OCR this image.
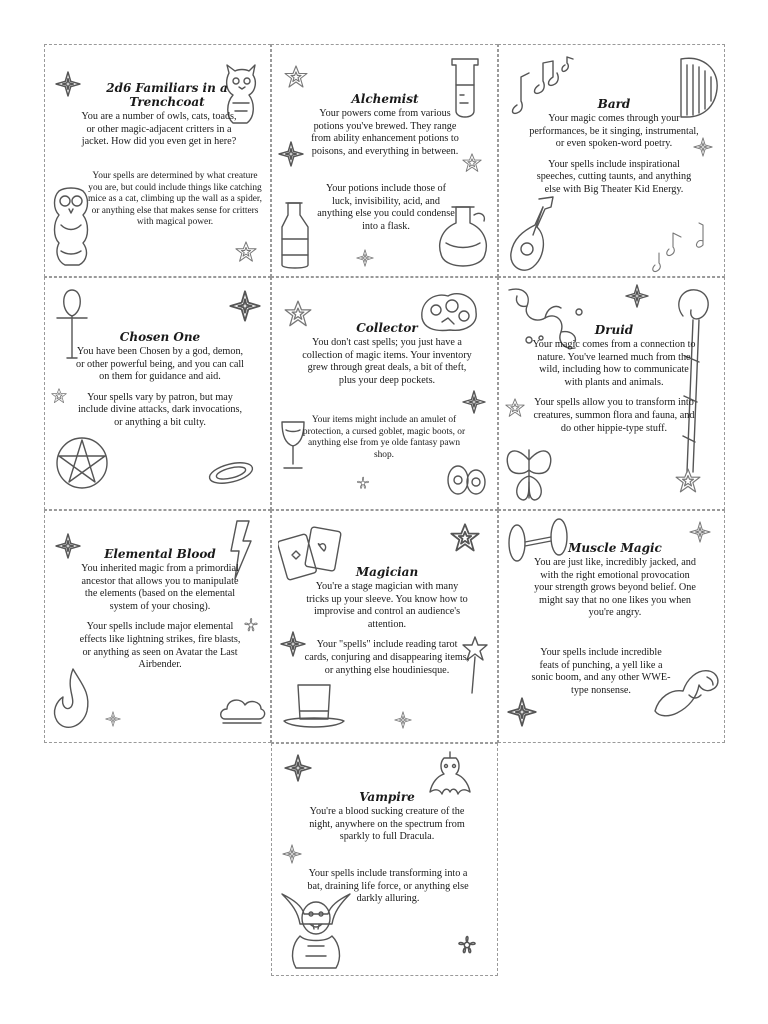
2d6 Familiars in a Trenchcoat

You are a number of owls, cats, toads, or other magic-adjacent critters in a jacket. How did you even get in here?

Your spells are determined by what creature you are, but could include things like catching mice as a cat, climbing up the wall as a spider, or anything else that makes sense for critters with magical power.

Alchemist

Your powers come from various potions you've brewed. They range from ability enhancement potions to poisons, and everything in between.

Your potions include those of luck, invisibility, acid, and anything else you could condense into a flask.

Bard

Your magic comes through your performances, be it singing, instrumental, or even spoken-word poetry.

Your spells include inspirational speeches, cutting taunts, and anything else with Big Theater Kid Energy.

Chosen One

You have been Chosen by a god, demon, or other powerful being, and you can call on them for guidance and aid.

Your spells vary by patron, but may include divine attacks, dark invocations, or anything a bit culty.

Collector

You don't cast spells; you just have a collection of magic items. Your inventory grew through great deals, a bit of theft, plus your deep pockets.

Your items might include an amulet of protection, a cursed goblet, magic boots, or anything else from ye olde fantasy pawn shop.

Druid

Your magic comes from a connection to nature. You've learned much from the wild, including how to communicate with plants and animals.

Your spells allow you to transform into creatures, summon flora and fauna, and do other hippie-type stuff.

Elemental Blood

You inherited magic from a primordial ancestor that allows you to manipulate the elements (based on the elemental system of your chosing).

Your spells include major elemental effects like lightning strikes, fire blasts, or anything as seen on Avatar the Last Airbender.

Magician

You're a stage magician with many tricks up your sleeve. You know how to improvise and control an audience's attention.

Your "spells" include reading tarot cards, conjuring and disappearing items, or anything else houdiniesque.

Muscle Magic

You are just like, incredibly jacked, and with the right emotional provocation your strength grows beyond belief. One might say that no one likes you when you're angry.

Your spells include incredible feats of punching, a yell like a sonic boom, and any other WWE-type nonsense.

Vampire

You're a blood sucking creature of the night, anywhere on the spectrum from sparkly to full Dracula.

Your spells include transforming into a bat, draining life force, or anything else darkly alluring.
